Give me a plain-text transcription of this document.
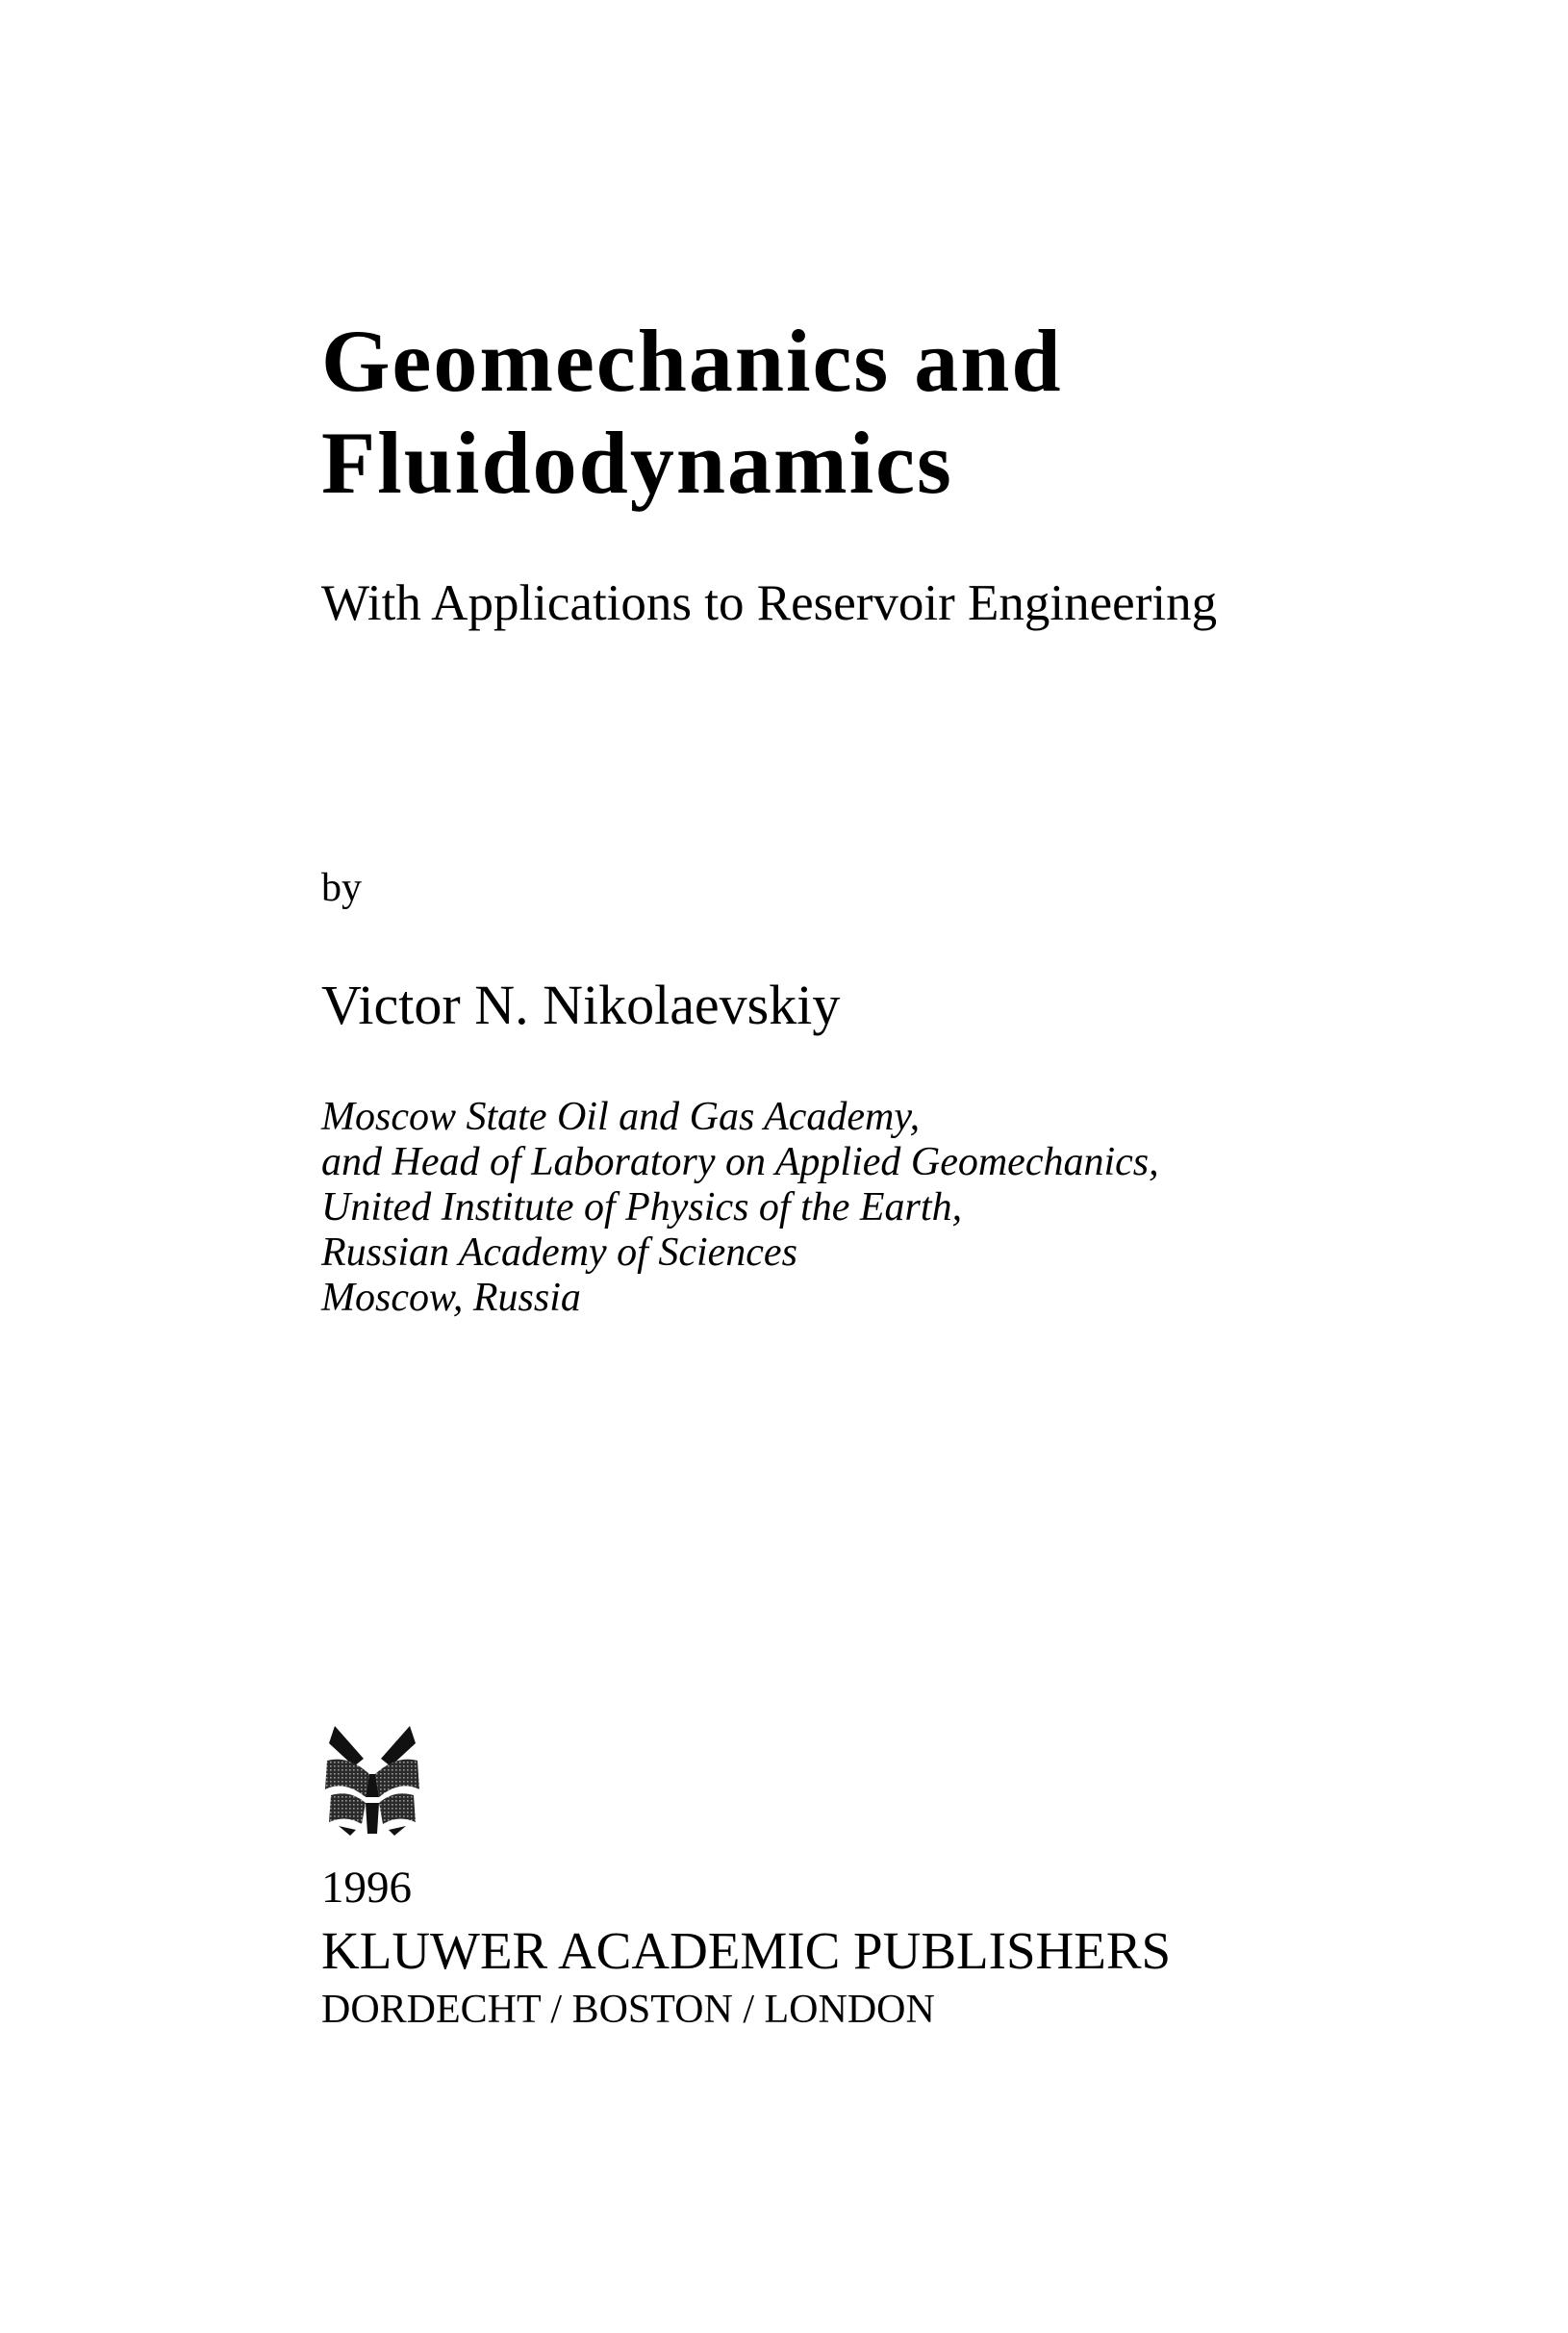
Geomechanics and
Fluidodynamics
With Applications to Reservoir Engineering
by
Victor N. Nikolaevskiy
Moscow State Oil and Gas Academy,
and Head of Laboratory on Applied Geomechanics,
United Institute of Physics of the Earth,
Russian Academy of Sciences
Moscow, Russia
1996
KLUWER ACADEMIC PUBLISHERS
DORDECHT / BOSTON / LONDON
